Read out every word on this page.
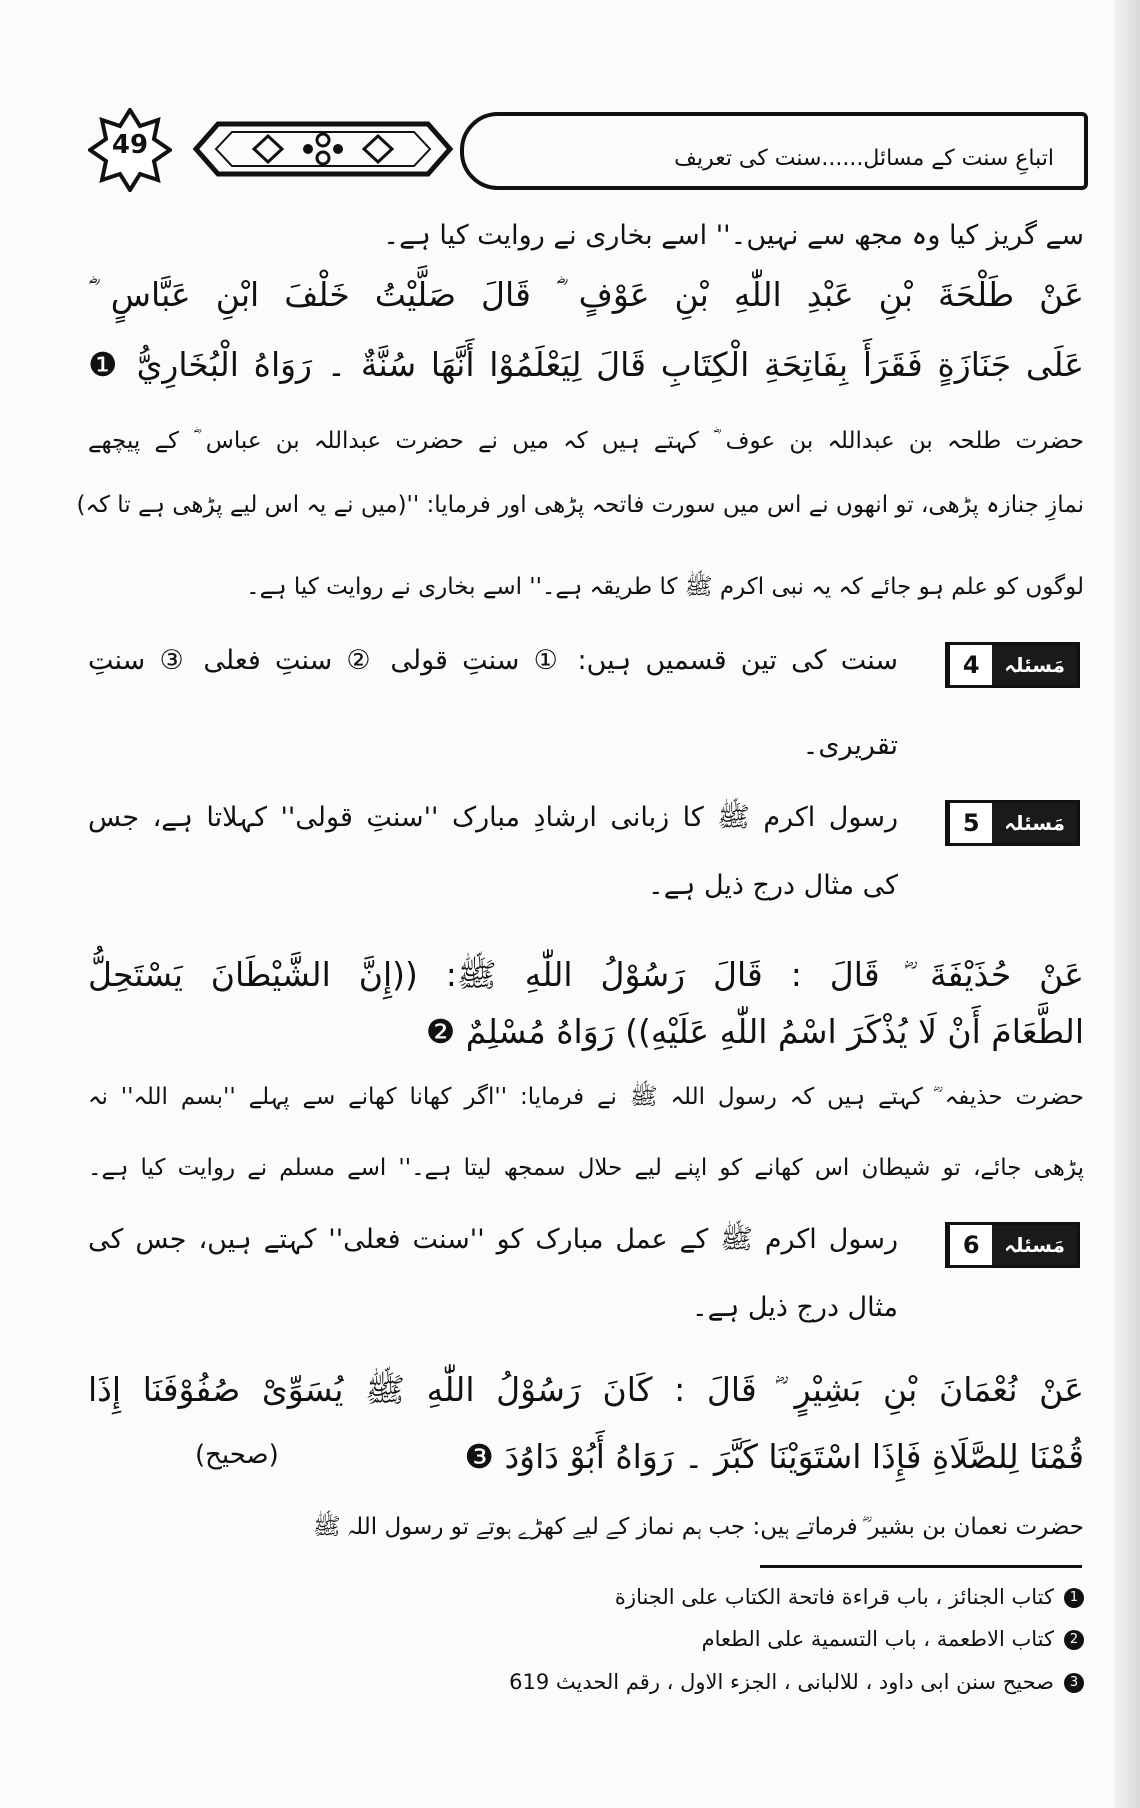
49	اتباعِ سنت کے مسائل......سنت کی تعریف
سے گریز کیا وہ مجھ سے نہیں۔'' اسے بخاری نے روایت کیا ہے۔
عَنْ طَلْحَةَ بْنِ عَبْدِ اللّٰهِ بْنِ عَوْفٍ ؓ قَالَ صَلَّيْتُ خَلْفَ ابْنِ عَبَّاسٍ ؓ
عَلَى جَنَازَةٍ فَقَرَأَ بِفَاتِحَةِ الْكِتَابِ قَالَ لِيَعْلَمُوْا أَنَّهَا سُنَّةٌ ۔ رَوَاهُ الْبُخَارِيُّ ❶
حضرت طلحہ بن عبداللہ بن عوف ؓ کہتے ہیں کہ میں نے حضرت عبداللہ بن عباس ؓ کے پیچھے
نمازِ جنازہ پڑھی، تو انھوں نے اس میں سورت فاتحہ پڑھی اور فرمایا: ''(میں نے یہ اس لیے پڑھی ہے تا کہ)
لوگوں کو علم ہو جائے کہ یہ نبی اکرم ﷺ کا طریقہ ہے۔'' اسے بخاری نے روایت کیا ہے۔
4	مَسئلہ
سنت کی تین قسمیں ہیں: ① سنتِ قولی ② سنتِ فعلی ③ سنتِ
تقریری۔
5	مَسئلہ
رسول اکرم ﷺ کا زبانی ارشادِ مبارک ''سنتِ قولی'' کہلاتا ہے، جس
کی مثال درج ذیل ہے۔
عَنْ حُذَيْفَةَ ؓ قَالَ : قَالَ رَسُوْلُ اللّٰهِ ﷺ: ((إِنَّ الشَّيْطَانَ يَسْتَحِلُّ
الطَّعَامَ أَنْ لَا يُذْكَرَ اسْمُ اللّٰهِ عَلَيْهِ)) رَوَاهُ مُسْلِمٌ ❷
حضرت حذیفہ ؓ کہتے ہیں کہ رسول اللہ ﷺ نے فرمایا: ''اگر کھانا کھانے سے پہلے ''بسم اللہ'' نہ
پڑھی جائے، تو شیطان اس کھانے کو اپنے لیے حلال سمجھ لیتا ہے۔'' اسے مسلم نے روایت کیا ہے۔
6	مَسئلہ
رسول اکرم ﷺ کے عمل مبارک کو ''سنت فعلی'' کہتے ہیں، جس کی
مثال درج ذیل ہے۔
عَنْ نُعْمَانَ بْنِ بَشِيْرٍ ؓ قَالَ : كَانَ رَسُوْلُ اللّٰهِ ﷺ يُسَوِّىْ صُفُوْفَنَا إِذَا
قُمْنَا لِلصَّلَاةِ فَإِذَا اسْتَوَيْنَا كَبَّرَ ۔ رَوَاهُ أَبُوْ دَاوُدَ ❸
(صحیح)
حضرت نعمان بن بشیر ؓ فرماتے ہیں: جب ہم نماز کے لیے کھڑے ہوتے تو رسول اللہ ﷺ
1كتاب الجنائز ، باب قراءة فاتحة الكتاب على الجنازة
2كتاب الاطعمة ، باب التسمية على الطعام
3صحيح سنن ابى داود ، للالبانى ، الجزء الاول ، رقم الحديث 619
